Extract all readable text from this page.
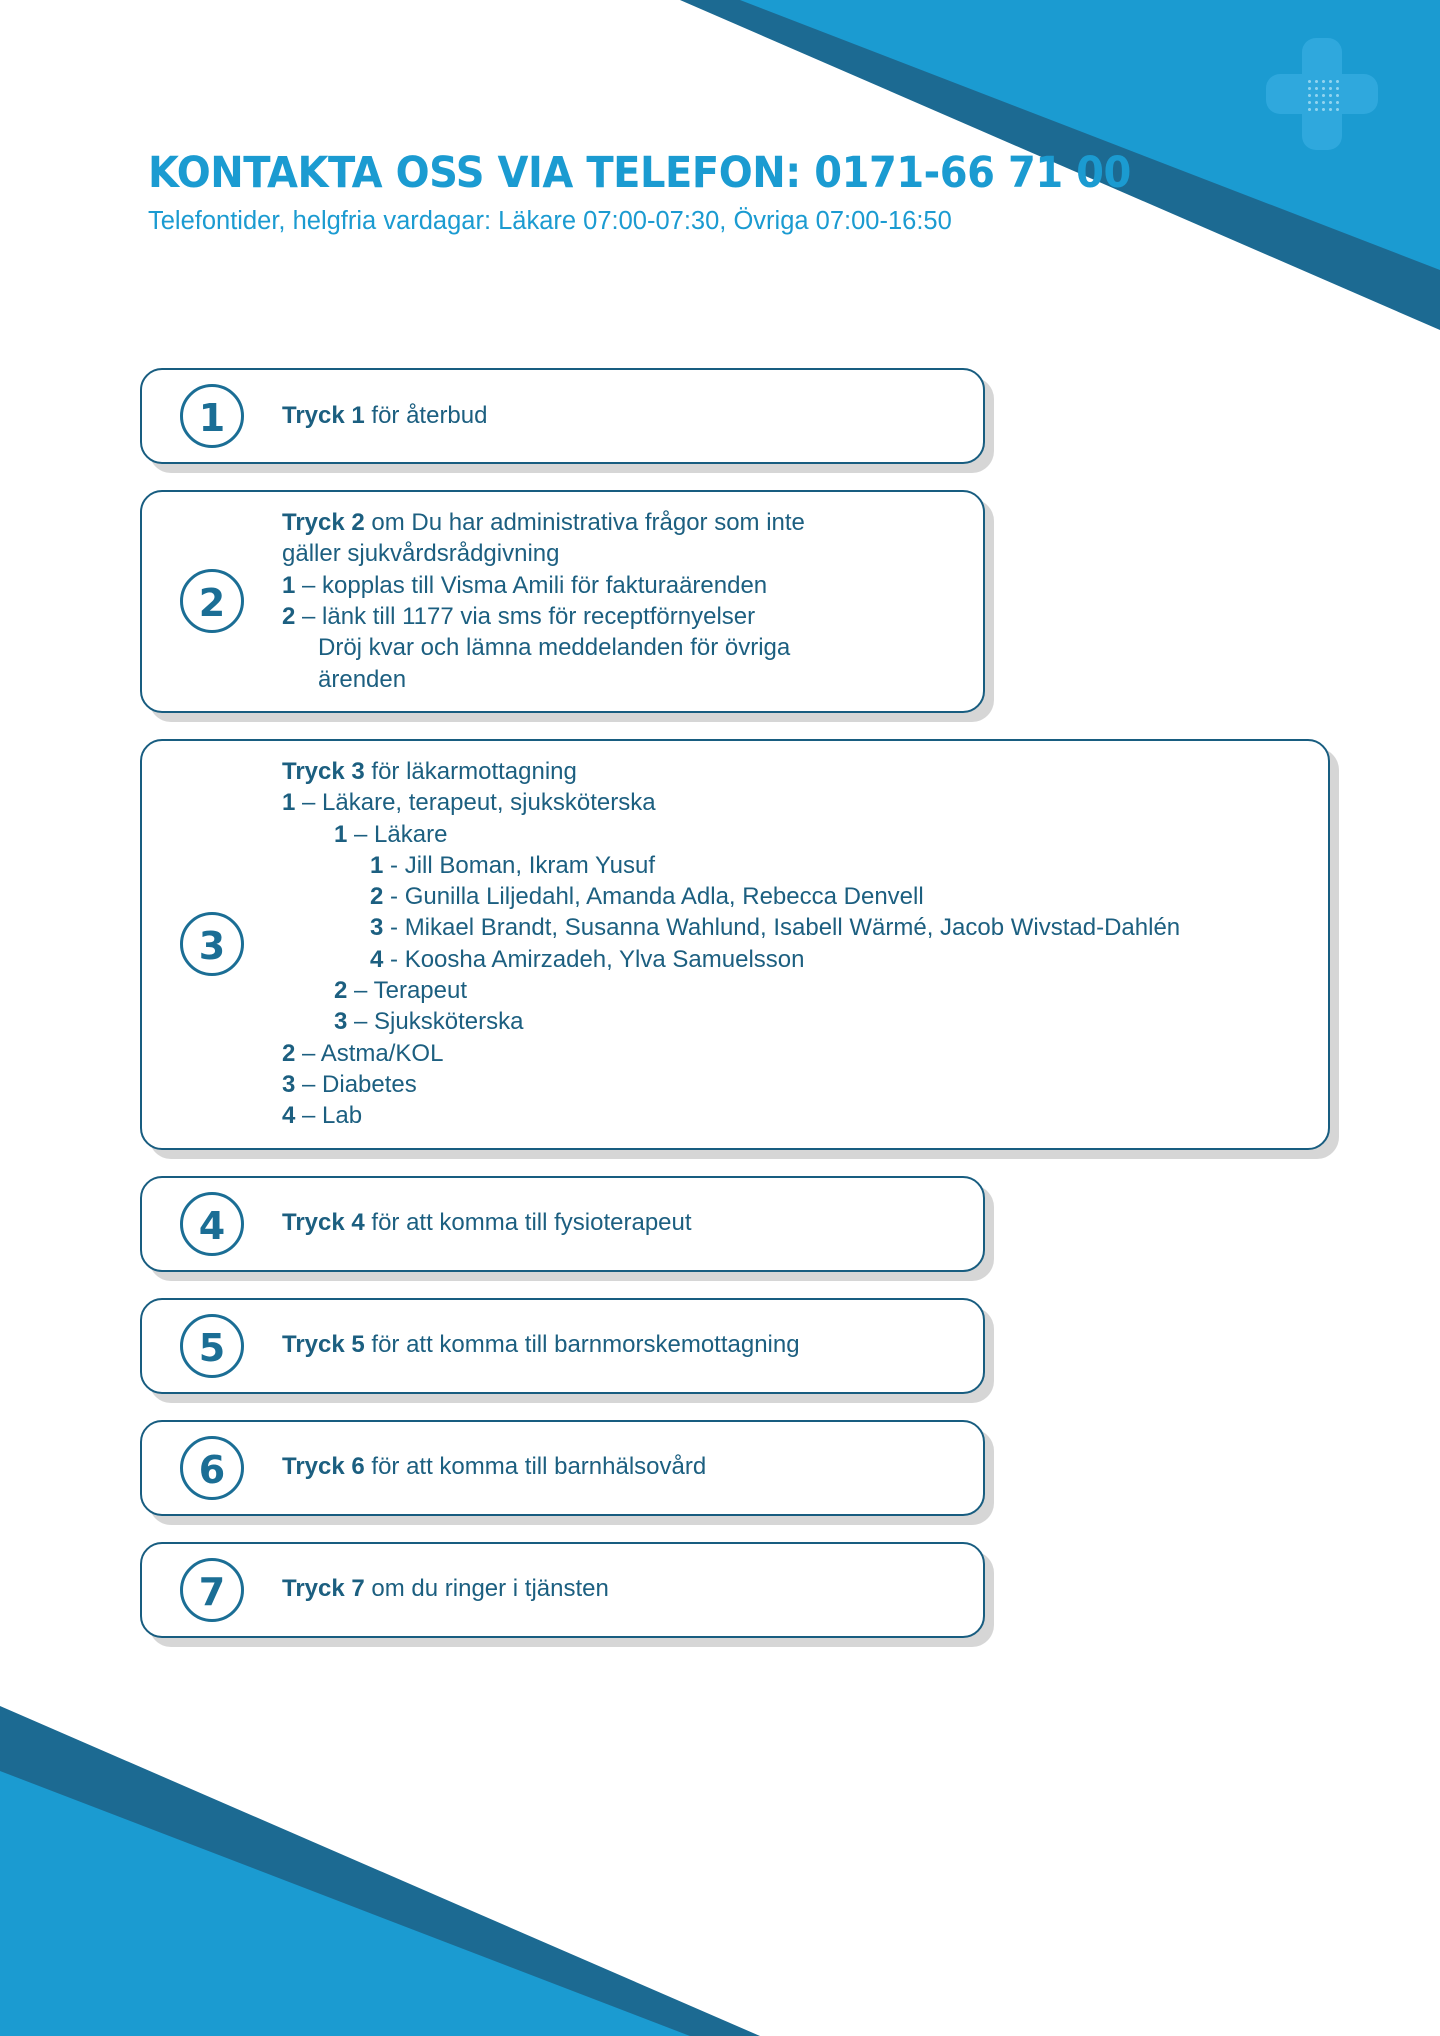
KONTAKTA OSS VIA TELEFON: 0171-66 71 00
Telefontider, helgfria vardagar: Läkare 07:00-07:30, Övriga 07:00-16:50
1	Tryck 1 för återbud
2
Tryck 2 om Du har administrativa frågor som inte
gäller sjukvårdsrådgivning
1 – kopplas till Visma Amili för fakturaärenden
2 – länk till 1177 via sms för receptförnyelser
Dröj kvar och lämna meddelanden för övriga
ärenden
3
Tryck 3 för läkarmottagning
1 – Läkare, terapeut, sjuksköterska
1 – Läkare
1 - Jill Boman, Ikram Yusuf
2 - Gunilla Liljedahl, Amanda Adla, Rebecca Denvell
3 - Mikael Brandt, Susanna Wahlund, Isabell Wärmé, Jacob Wivstad-Dahlén
4 - Koosha Amirzadeh, Ylva Samuelsson
2 – Terapeut
3 – Sjuksköterska
2 – Astma/KOL
3 – Diabetes
4 – Lab
4	Tryck 4 för att komma till fysioterapeut
5	Tryck 5 för att komma till barnmorskemottagning
6	Tryck 6 för att komma till barnhälsovård
7	Tryck 7 om du ringer i tjänsten
